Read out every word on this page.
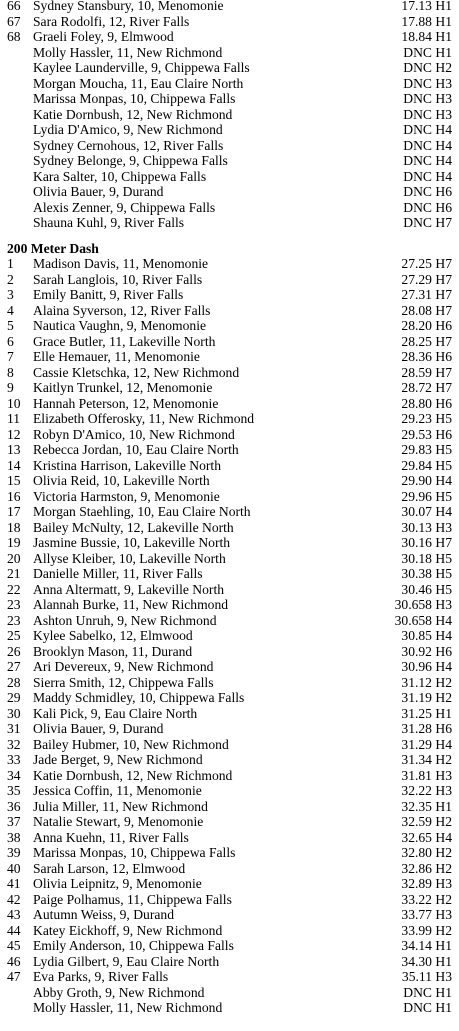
66 Sydney Stansbury, 10, Menomonie	17.13 H1
67 Sara Rodolfi, 12, River Falls	17.88 H1
68 Graeli Foley, 9, Elmwood	18.84 H1
Molly Hassler, 11, New Richmond	DNC H1
Kaylee Launderville, 9, Chippewa Falls	DNC H2
Morgan Moucha, 11, Eau Claire North	DNC H3
Marissa Monpas, 10, Chippewa Falls	DNC H3
Katie Dornbush, 12, New Richmond	DNC H3
Lydia D'Amico, 9, New Richmond	DNC H4
Sydney Cernohous, 12, River Falls	DNC H4
Sydney Belonge, 9, Chippewa Falls	DNC H4
Kara Salter, 10, Chippewa Falls	DNC H4
Olivia Bauer, 9, Durand	DNC H6
Alexis Zenner, 9, Chippewa Falls	DNC H6
Shauna Kuhl, 9, River Falls	DNC H7
200 Meter Dash
1 Madison Davis, 11, Menomonie	27.25 H7
2 Sarah Langlois, 10, River Falls	27.29 H7
3 Emily Banitt, 9, River Falls	27.31 H7
4 Alaina Syverson, 12, River Falls	28.08 H7
5 Nautica Vaughn, 9, Menomonie	28.20 H6
6 Grace Butler, 11, Lakeville North	28.25 H7
7 Elle Hemauer, 11, Menomonie	28.36 H6
8 Cassie Kletschka, 12, New Richmond	28.59 H7
9 Kaitlyn Trunkel, 12, Menomonie	28.72 H7
10 Hannah Peterson, 12, Menomonie	28.80 H6
11 Elizabeth Offerosky, 11, New Richmond	29.23 H5
12 Robyn D'Amico, 10, New Richmond	29.53 H6
13 Rebecca Jordan, 10, Eau Claire North	29.83 H5
14 Kristina Harrison, Lakeville North	29.84 H5
15 Olivia Reid, 10, Lakeville North	29.90 H4
16 Victoria Harmston, 9, Menomonie	29.96 H5
17 Morgan Staehling, 10, Eau Claire North	30.07 H4
18 Bailey McNulty, 12, Lakeville North	30.13 H3
19 Jasmine Bussie, 10, Lakeville North	30.16 H7
20 Allyse Kleiber, 10, Lakeville North	30.18 H5
21 Danielle Miller, 11, River Falls	30.38 H5
22 Anna Altermatt, 9, Lakeville North	30.46 H5
23 Alannah Burke, 11, New Richmond	30.658 H3
23 Ashton Unruh, 9, New Richmond	30.658 H4
25 Kylee Sabelko, 12, Elmwood	30.85 H4
26 Brooklyn Mason, 11, Durand	30.92 H6
27 Ari Devereux, 9, New Richmond	30.96 H4
28 Sierra Smith, 12, Chippewa Falls	31.12 H2
29 Maddy Schmidley, 10, Chippewa Falls	31.19 H2
30 Kali Pick, 9, Eau Claire North	31.25 H1
31 Olivia Bauer, 9, Durand	31.28 H6
32 Bailey Hubmer, 10, New Richmond	31.29 H4
33 Jade Berget, 9, New Richmond	31.34 H2
34 Katie Dornbush, 12, New Richmond	31.81 H3
35 Jessica Coffin, 11, Menomonie	32.22 H3
36 Julia Miller, 11, New Richmond	32.35 H1
37 Natalie Stewart, 9, Menomonie	32.59 H2
38 Anna Kuehn, 11, River Falls	32.65 H4
39 Marissa Monpas, 10, Chippewa Falls	32.80 H2
40 Sarah Larson, 12, Elmwood	32.86 H2
41 Olivia Leipnitz, 9, Menomonie	32.89 H3
42 Paige Polhamus, 11, Chippewa Falls	33.22 H2
43 Autumn Weiss, 9, Durand	33.77 H3
44 Katey Eickhoff, 9, New Richmond	33.99 H2
45 Emily Anderson, 10, Chippewa Falls	34.14 H1
46 Lydia Gilbert, 9, Eau Claire North	34.30 H1
47 Eva Parks, 9, River Falls	35.11 H3
Abby Groth, 9, New Richmond	DNC H1
Molly Hassler, 11, New Richmond	DNC H1
